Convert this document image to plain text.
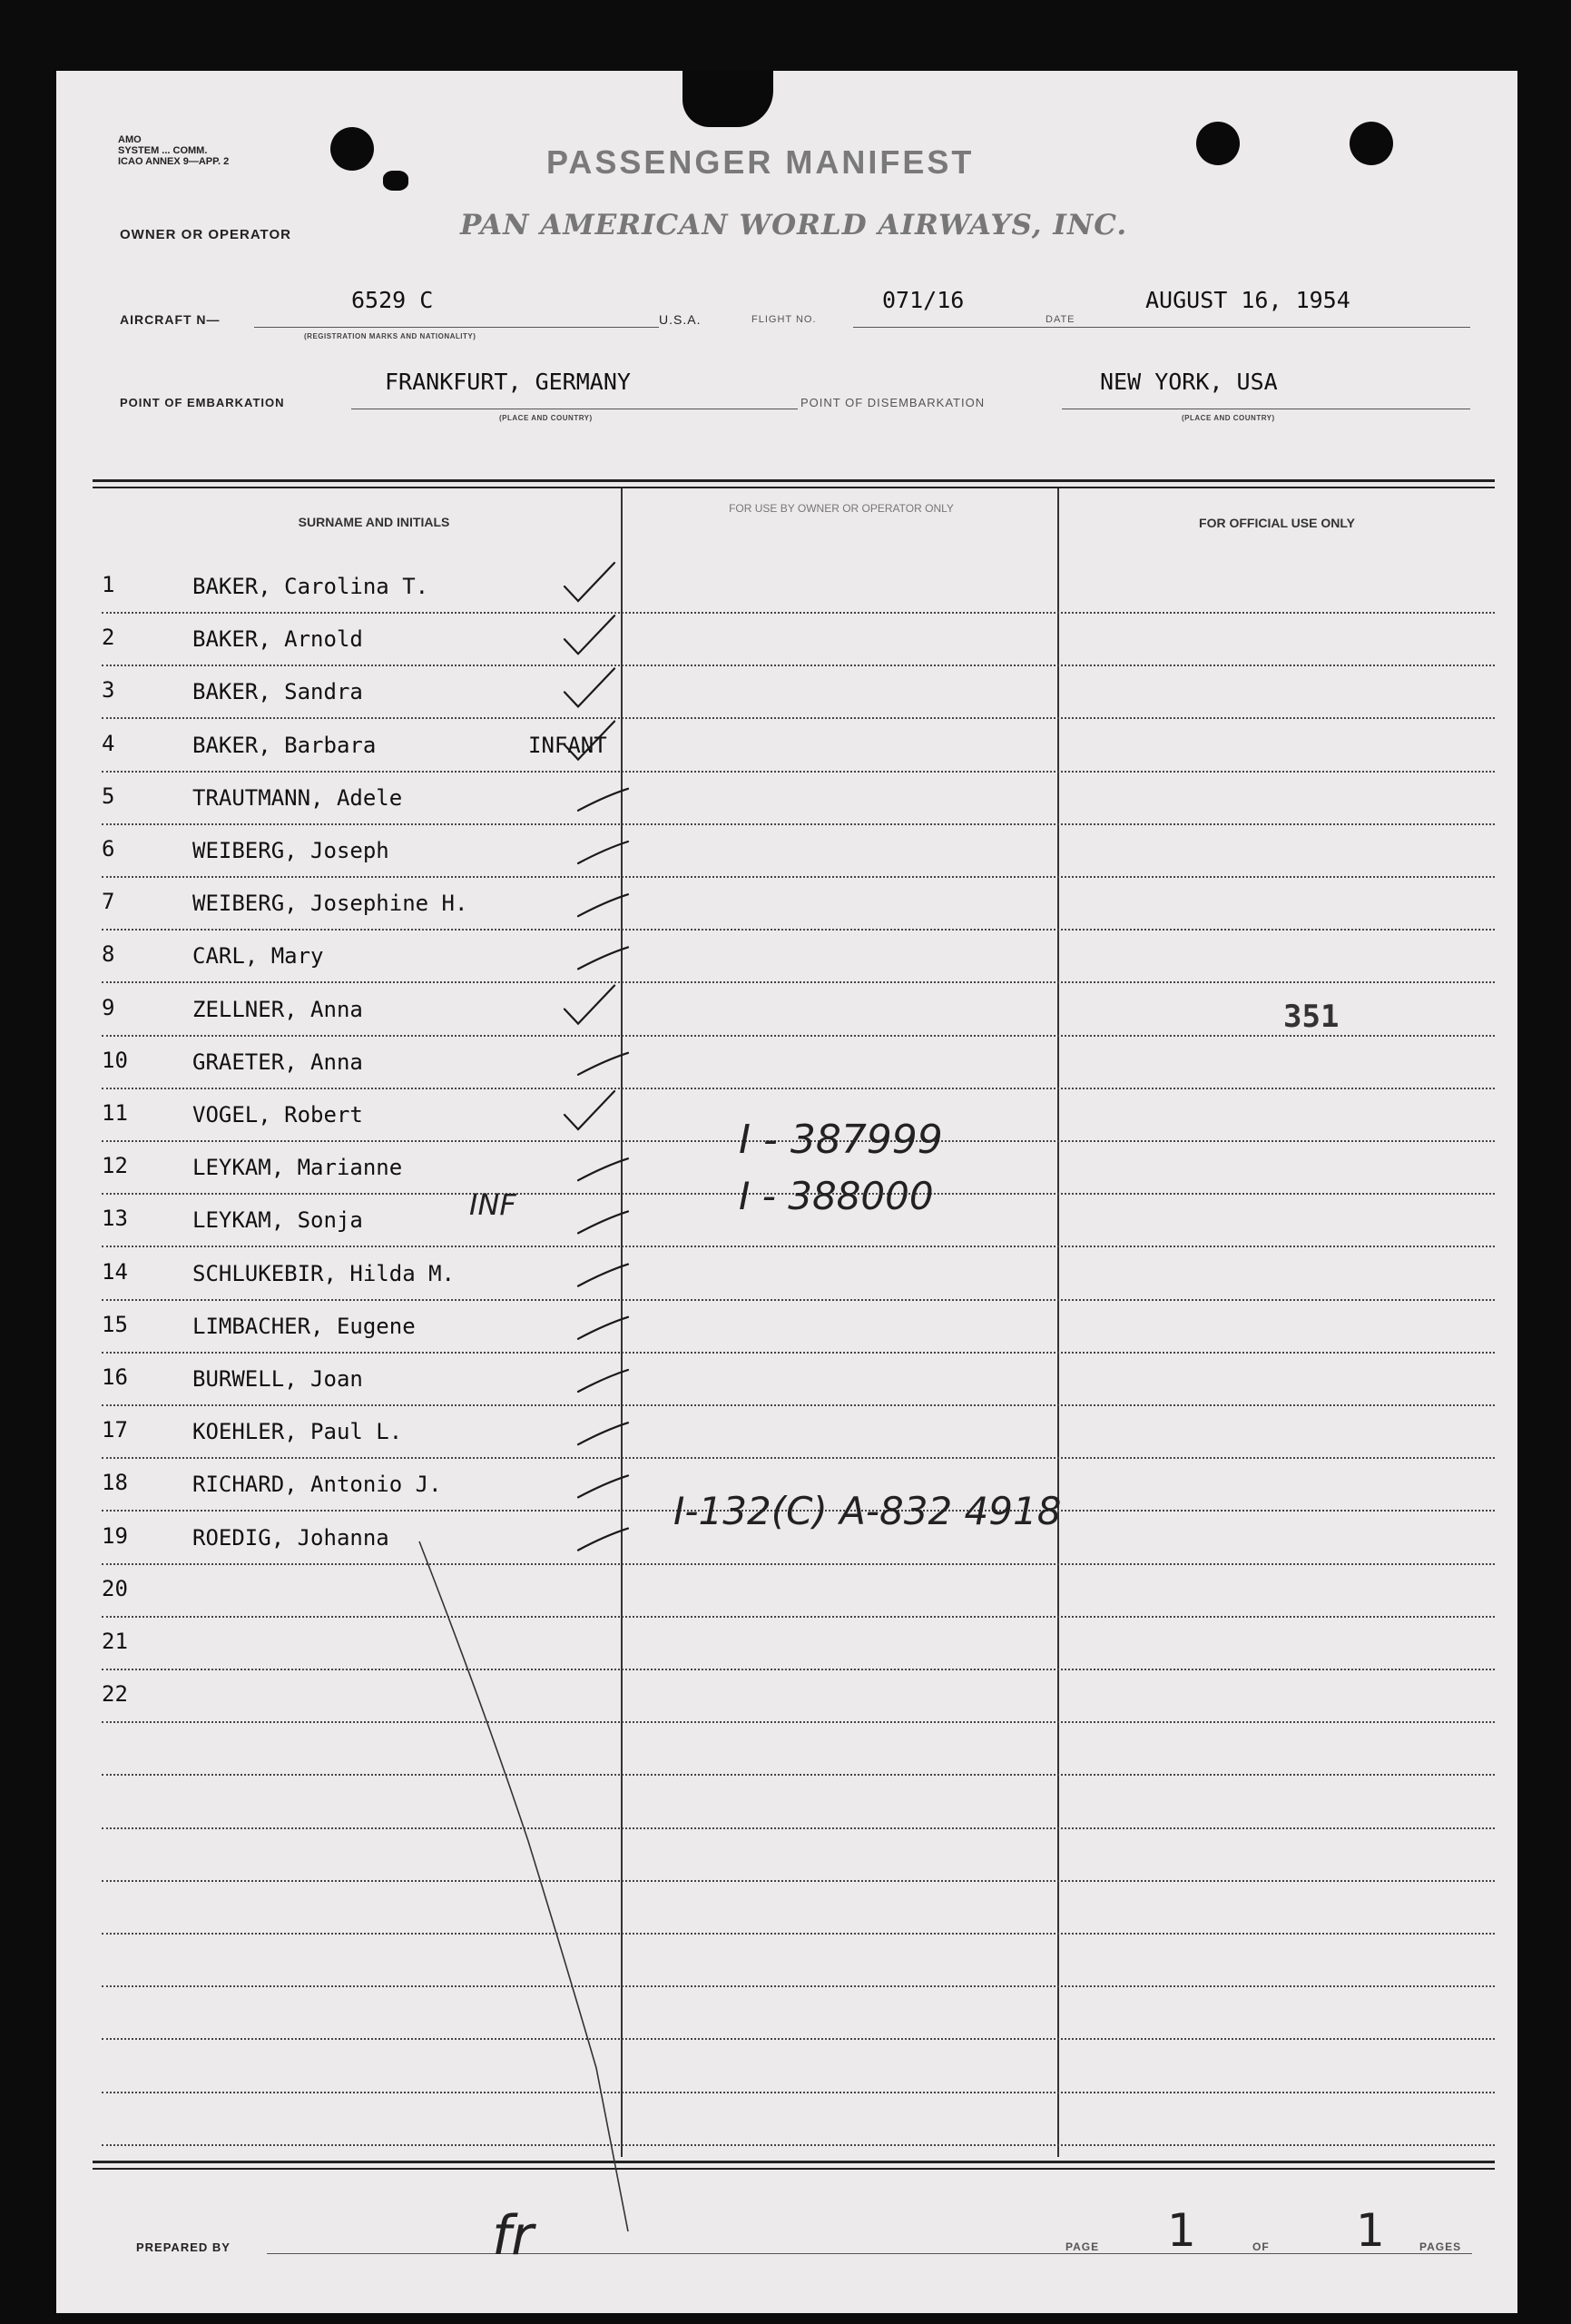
AMO
SYSTEM ... COMM.
ICAO ANNEX 9—APP. 2	PASSENGER MANIFEST
OWNER OR OPERATOR	PAN AMERICAN WORLD AIRWAYS, INC.
AIRCRAFT N—
6529 C
(REGISTRATION MARKS AND NATIONALITY)
U.S.A.	FLIGHT NO.
071/16
DATE
AUGUST 16, 1954
POINT OF EMBARKATION
FRANKFURT, GERMANY
(PLACE AND COUNTRY)
POINT OF DISEMBARKATION
NEW YORK, USA
(PLACE AND COUNTRY)
SURNAME AND INITIALS
FOR USE BY OWNER OR OPERATOR ONLY
FOR OFFICIAL USE ONLY
1	BAKER, Carolina T.
2	BAKER, Arnold
3	BAKER, Sandra
4	BAKER, Barbara	INFANT
5	TRAUTMANN, Adele
6	WEIBERG, Joseph
7	WEIBERG, Josephine H.
8	CARL, Mary
9	ZELLNER, Anna
10	GRAETER, Anna
11	VOGEL, Robert
12	LEYKAM, Marianne
13	LEYKAM, Sonja
14	SCHLUKEBIR, Hilda M.
15	LIMBACHER, Eugene
16	BURWELL, Joan
17	KOEHLER, Paul L.
18	RICHARD, Antonio J.
19	ROEDIG, Johanna
20
21
22
PREPARED BY	PAGE 1	OF 1	PAGES
I - 387999
INF	I - 388000
I-132(C) A-832 4918
351
fr
